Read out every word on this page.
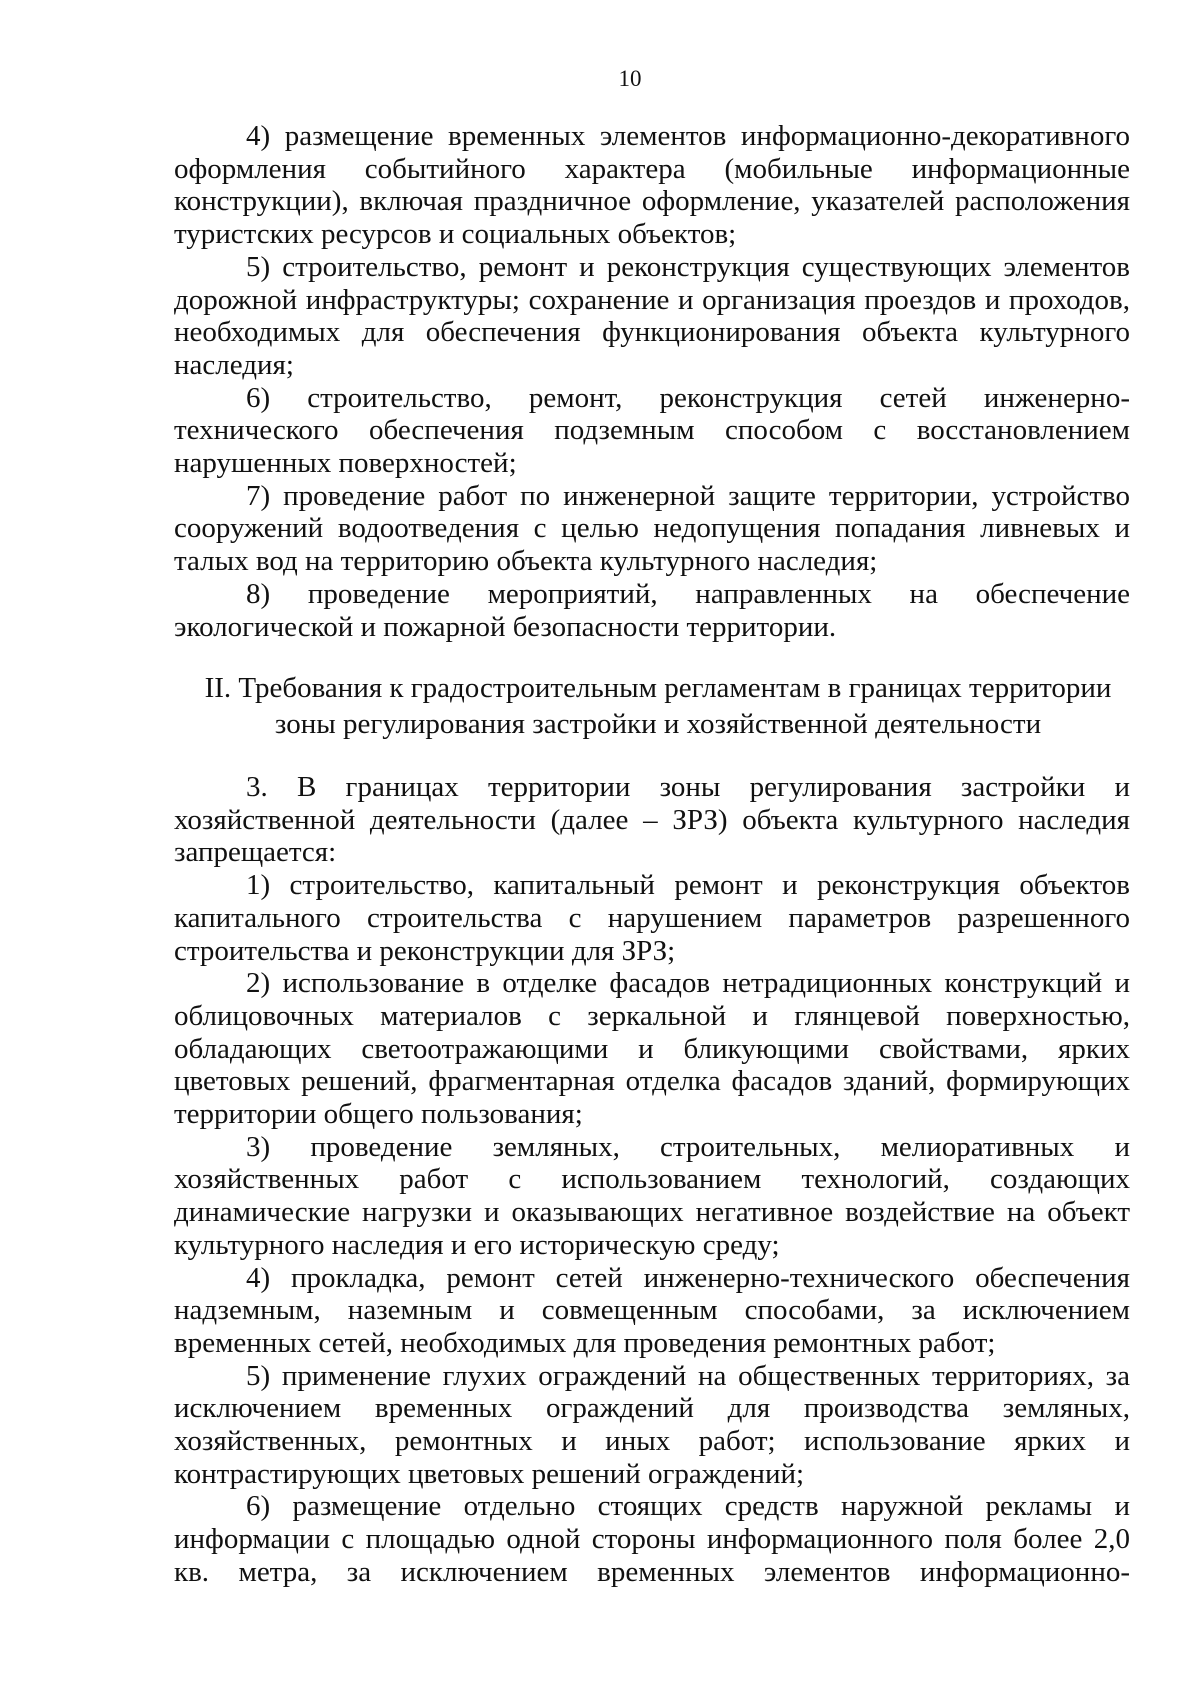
10

4) размещение временных элементов информационно-декоративного оформления событийного характера (мобильные информационные конструкции), включая праздничное оформление, указателей расположения туристских ресурсов и социальных объектов;

5) строительство, ремонт и реконструкция существующих элементов дорожной инфраструктуры; сохранение и организация проездов и проходов, необходимых для обеспечения функционирования объекта культурного наследия;

6) строительство, ремонт, реконструкция сетей инженерно-технического обеспечения подземным способом с восстановлением нарушенных поверхностей;

7) проведение работ по инженерной защите территории, устройство сооружений водоотведения с целью недопущения попадания ливневых и талых вод на территорию объекта культурного наследия;

8) проведение мероприятий, направленных на обеспечение экологической и пожарной безопасности территории.

II. Требования к градостроительным регламентам в границах территории
зоны регулирования застройки и хозяйственной деятельности

3. В границах территории зоны регулирования застройки и хозяйственной деятельности (далее – ЗРЗ) объекта культурного наследия запрещается:

1) строительство, капитальный ремонт и реконструкция объектов капитального строительства с нарушением параметров разрешенного строительства и реконструкции для ЗРЗ;

2) использование в отделке фасадов нетрадиционных конструкций и облицовочных материалов с зеркальной и глянцевой поверхностью, обладающих светоотражающими и бликующими свойствами, ярких цветовых решений, фрагментарная отделка фасадов зданий, формирующих территории общего пользования;

3) проведение земляных, строительных, мелиоративных и хозяйственных работ с использованием технологий, создающих динамические нагрузки и оказывающих негативное воздействие на объект культурного наследия и его историческую среду;

4) прокладка, ремонт сетей инженерно-технического обеспечения надземным, наземным и совмещенным способами, за исключением временных сетей, необходимых для проведения ремонтных работ;

5) применение глухих ограждений на общественных территориях, за исключением временных ограждений для производства земляных, хозяйственных, ремонтных и иных работ; использование ярких и контрастирующих цветовых решений ограждений;

6) размещение отдельно стоящих средств наружной рекламы и информации с площадью одной стороны информационного поля более 2,0 кв. метра, за исключением временных элементов информационно-
